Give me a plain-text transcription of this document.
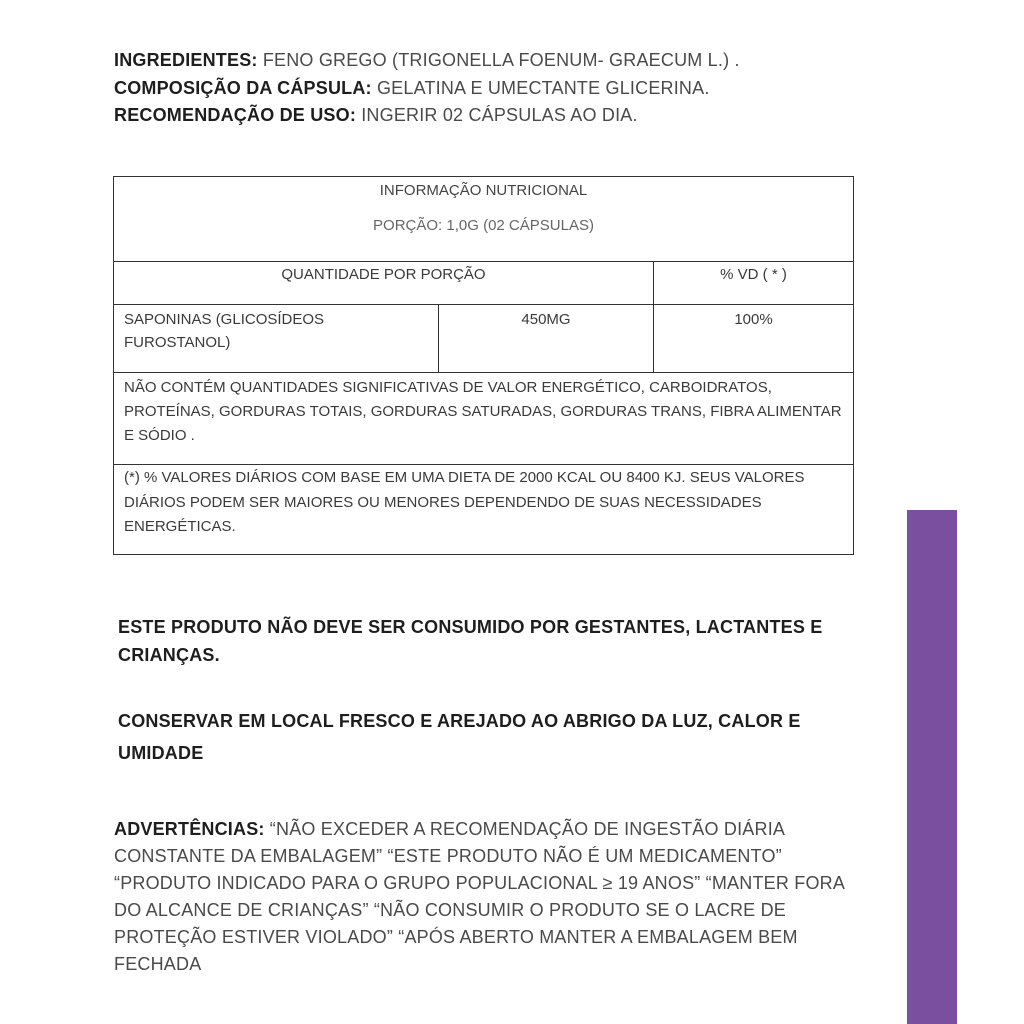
INGREDIENTES: FENO GREGO (TRIGONELLA FOENUM- GRAECUM L.) .
COMPOSIÇÃO DA CÁPSULA: GELATINA E UMECTANTE GLICERINA.
RECOMENDAÇÃO DE USO: INGERIR 02 CÁPSULAS AO DIA.
INFORMAÇÃO NUTRICIONAL
PORÇÃO: 1,0G (02 CÁPSULAS)		

QUANTIDADE POR PORÇÃO		% VD ( * )
SAPONINAS (GLICOSÍDEOS FUROSTANOL)	450MG	100%
NÃO CONTÉM QUANTIDADES SIGNIFICATIVAS DE VALOR ENERGÉTICO, CARBOIDRATOS, PROTEÍNAS, GORDURAS TOTAIS, GORDURAS SATURADAS, GORDURAS TRANS, FIBRA ALIMENTAR E SÓDIO .		
(*) % VALORES DIÁRIOS COM BASE EM UMA DIETA DE 2000 KCAL OU 8400 KJ. SEUS VALORES DIÁRIOS PODEM SER MAIORES OU MENORES DEPENDENDO DE SUAS NECESSIDADES ENERGÉTICAS.		
ESTE PRODUTO NÃO DEVE SER CONSUMIDO POR GESTANTES, LACTANTES E CRIANÇAS.
CONSERVAR EM LOCAL FRESCO E AREJADO AO ABRIGO DA LUZ, CALOR E UMIDADE
ADVERTÊNCIAS: “NÃO EXCEDER A RECOMENDAÇÃO DE INGESTÃO DIÁRIA CONSTANTE DA EMBALAGEM” “ESTE PRODUTO NÃO É UM MEDICAMENTO” “PRODUTO INDICADO PARA O GRUPO POPULACIONAL ≥ 19 ANOS” “MANTER FORA DO ALCANCE DE CRIANÇAS” “NÃO CONSUMIR O PRODUTO SE O LACRE DE PROTEÇÃO ESTIVER VIOLADO” “APÓS ABERTO MANTER A EMBALAGEM BEM FECHADA
